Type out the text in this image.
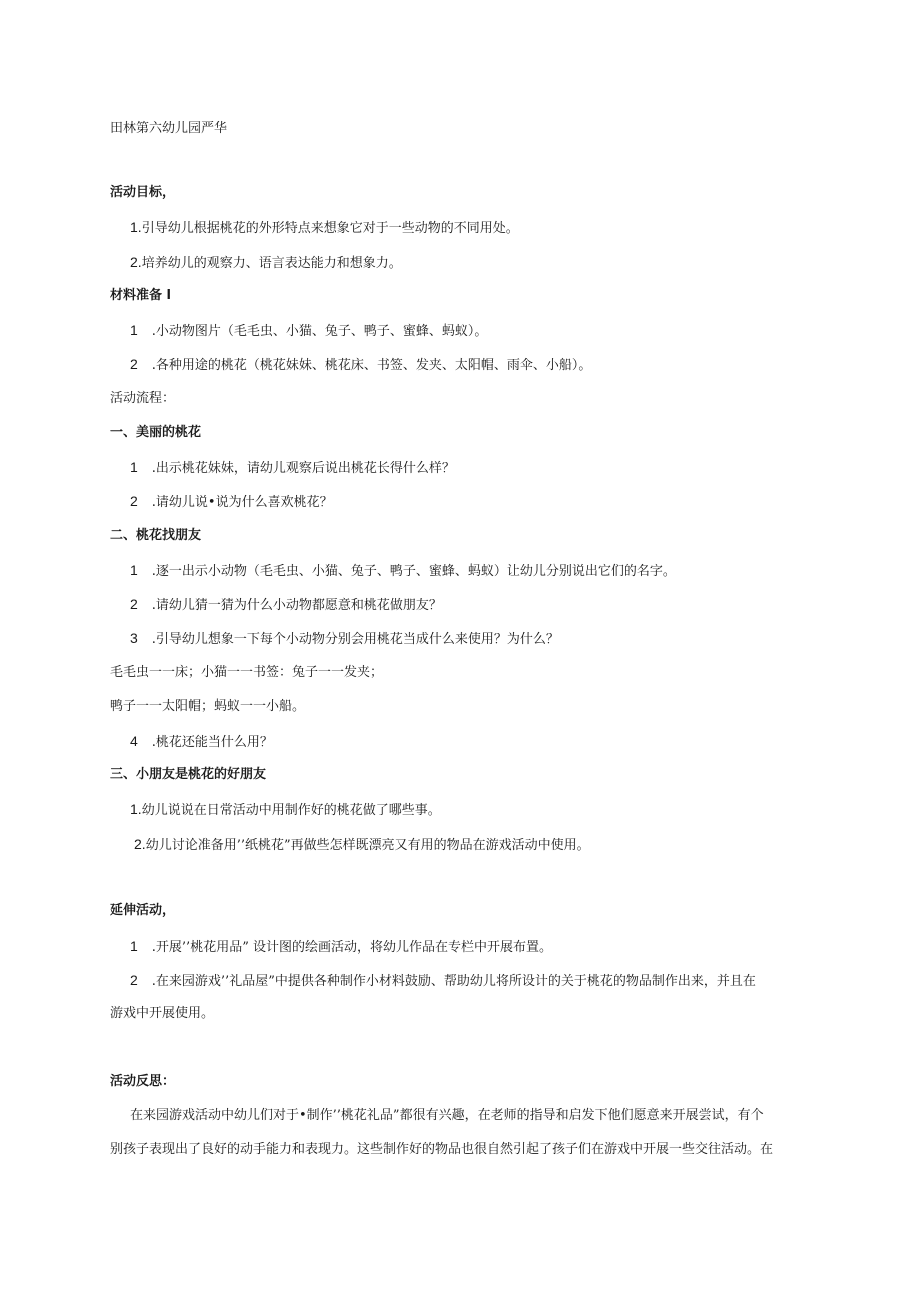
田林第六幼儿园严华
活动目标，
1.引导幼儿根据桃花的外形特点来想象它对于一些动物的不同用处。
2.培养幼儿的观察力、语言表达能力和想象力。
材料准备 l
1 .小动物图片（毛毛虫、小猫、兔子、鸭子、蜜蜂、蚂蚁）。
2 .各种用途的桃花（桃花妹妹、桃花床、书签、发夹、太阳帽、雨伞、小船）。
活动流程：
一、美丽的桃花
1 .出示桃花妹妹，请幼儿观察后说出桃花长得什么样？
2 .请幼儿说•说为什么喜欢桃花？
二、桃花找朋友
1 .逐一出示小动物（毛毛虫、小猫、兔子、鸭子、蜜蜂、蚂蚁）让幼儿分别说出它们的名字。
2 .请幼儿猜一猜为什么小动物都愿意和桃花做朋友？
3 .引导幼儿想象一下每个小动物分别会用桃花当成什么来使用？为什么？
毛毛虫一一床；小猫一一书签：兔子一一发夹；
鸭子一一太阳帽；蚂蚁一一小船。
4 .桃花还能当什么用？
三、小朋友是桃花的好朋友
1.幼儿说说在日常活动中用制作好的桃花做了哪些事。
2.幼儿讨论准备用’’纸桃花”再做些怎样既漂亮又有用的物品在游戏活动中使用。
延伸活动，
1 .开展’’桃花用品” 设计图的绘画活动，将幼儿作品在专栏中开展布置。
2 .在来园游戏’’礼品屋”中提供各种制作小材料鼓励、帮助幼儿将所设计的关于桃花的物品制作出来，并且在
游戏中开展使用。
活动反思：
在来园游戏活动中幼儿们对于•制作’’桃花礼品”都很有兴趣，在老师的指导和启发下他们愿意来开展尝试，有个
别孩子表现出了良好的动手能力和表现力。这些制作好的物品也很自然引起了孩子们在游戏中开展一些交往活动。在
